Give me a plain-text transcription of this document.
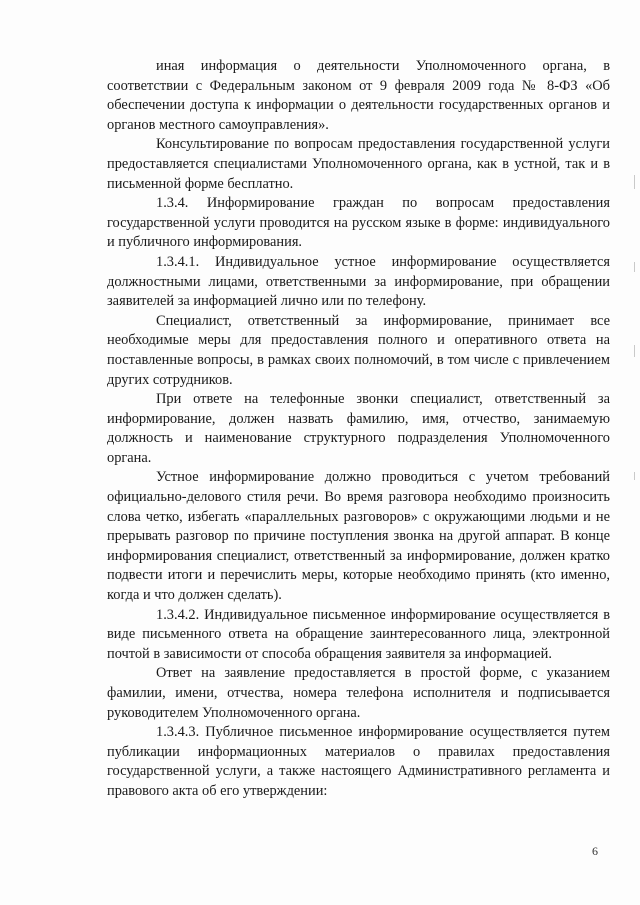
иная информация о деятельности Уполномоченного органа, в соответствии с Федеральным законом от 9 февраля 2009 года № 8-ФЗ «Об обеспечении доступа к информации о деятельности государственных органов и органов местного самоуправления».

Консультирование по вопросам предоставления государственной услуги предоставляется специалистами Уполномоченного органа, как в устной, так и в письменной форме бесплатно.

1.3.4. Информирование граждан по вопросам предоставления государственной услуги проводится на русском языке в форме: индивидуального и публичного информирования.

1.3.4.1. Индивидуальное устное информирование осуществляется должностными лицами, ответственными за информирование, при обращении заявителей за информацией лично или по телефону.

Специалист, ответственный за информирование, принимает все необходимые меры для предоставления полного и оперативного ответа на поставленные вопросы, в рамках своих полномочий, в том числе с привлечением других сотрудников.

При ответе на телефонные звонки специалист, ответственный за информирование, должен назвать фамилию, имя, отчество, занимаемую должность и наименование структурного подразделения Уполномоченного органа.

Устное информирование должно проводиться с учетом требований официально-делового стиля речи. Во время разговора необходимо произносить слова четко, избегать «параллельных разговоров» с окружающими людьми и не прерывать разговор по причине поступления звонка на другой аппарат. В конце информирования специалист, ответственный за информирование, должен кратко подвести итоги и перечислить меры, которые необходимо принять (кто именно, когда и что должен сделать).

1.3.4.2. Индивидуальное письменное информирование осуществляется в виде письменного ответа на обращение заинтересованного лица, электронной почтой в зависимости от способа обращения заявителя за информацией.

Ответ на заявление предоставляется в простой форме, с указанием фамилии, имени, отчества, номера телефона исполнителя и подписывается руководителем Уполномоченного органа.

1.3.4.3. Публичное письменное информирование осуществляется путем публикации информационных материалов о правилах предоставления государственной услуги, а также настоящего Административного регламента и правового акта об его утверждении:

6
